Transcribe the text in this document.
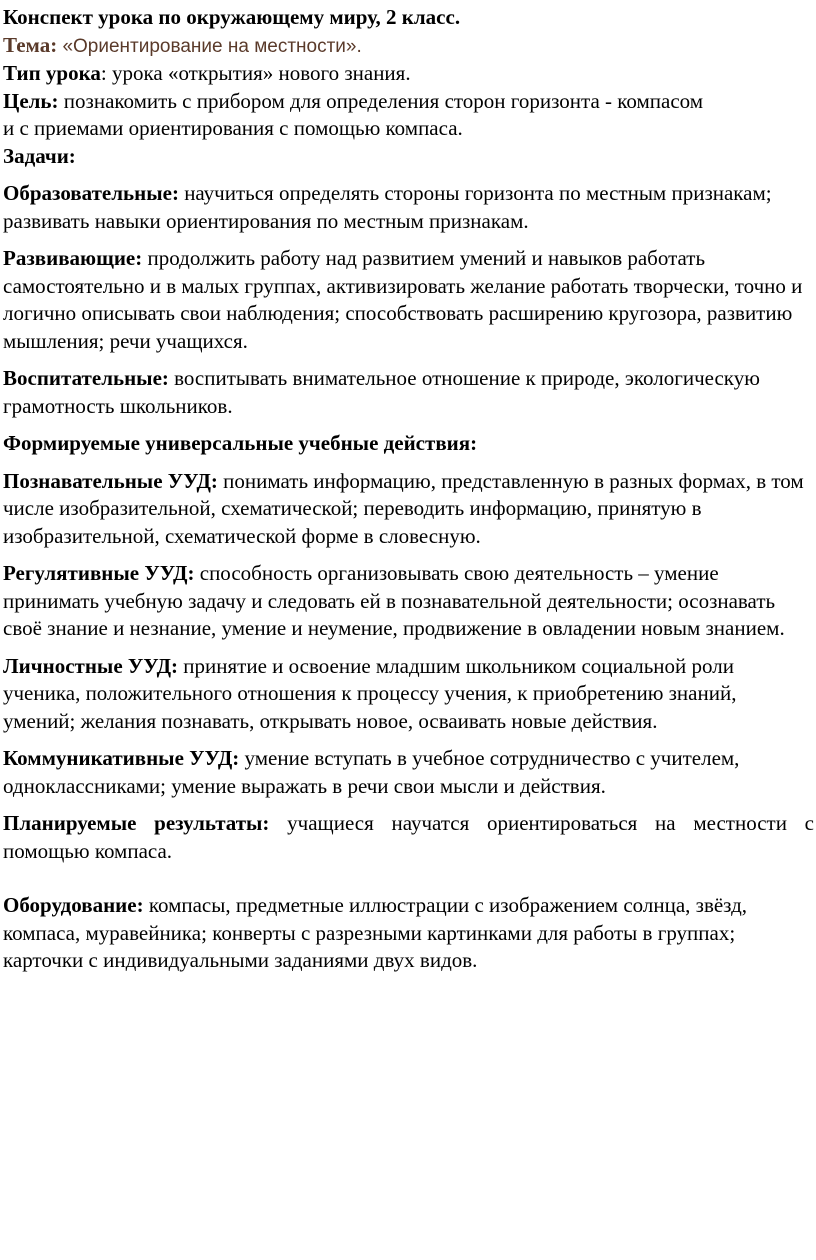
Конспект урока по окружающему миру, 2 класс.

Тема: «Ориентирование на местности».

Тип урока: урока «открытия» нового знания.

Цель: познакомить с прибором для определения сторон горизонта - компасом

и с приемами ориентирования с помощью компаса.

Задачи:

Образовательные: научиться определять стороны горизонта по местным признакам; развивать навыки ориентирования по местным признакам.

Развивающие: продолжить работу над развитием умений и навыков работать самостоятельно и в малых группах, активизировать желание работать творчески, точно и логично описывать свои наблюдения; способствовать расширению кругозора, развитию мышления; речи учащихся.

Воспитательные: воспитывать внимательное отношение к природе, экологическую грамотность школьников.

Формируемые универсальные учебные действия:

Познавательные УУД: понимать информацию, представленную в разных формах, в том числе изобразительной, схематической; переводить информацию, принятую в изобразительной, схематической форме в словесную.

Регулятивные УУД: способность организовывать свою деятельность – умение принимать учебную задачу и следовать ей в познавательной деятельности; осознавать своё знание и незнание, умение и неумение, продвижение в овладении новым знанием.

Личностные УУД: принятие и освоение младшим школьником социальной роли ученика, положительного отношения к процессу учения, к приобретению знаний, умений; желания познавать, открывать новое, осваивать новые действия.

Коммуникативные УУД: умение вступать в учебное сотрудничество с учителем, одноклассниками; умение выражать в речи свои мысли и действия.

Планируемые результаты: учащиеся научатся ориентироваться на местности с помощью компаса.

Оборудование: компасы, предметные иллюстрации с изображением солнца, звёзд, компаса, муравейника; конверты с разрезными картинками для работы в группах; карточки с индивидуальными заданиями двух видов.
